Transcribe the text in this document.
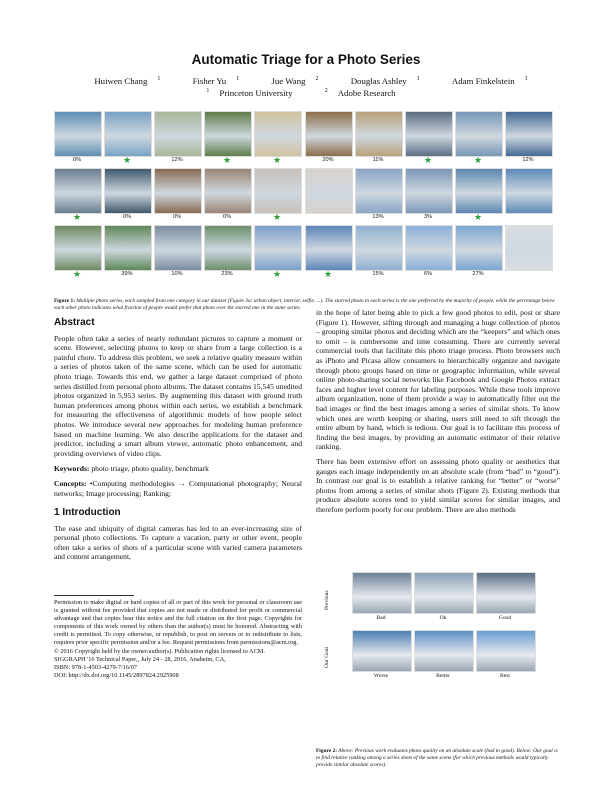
Automatic Triage for a Photo Series
Huiwen Chang $^1$	Fisher Yu $^1$	Jue Wang $^2$	Douglas Ashley $^1$	Adam Finkelstein $^1$
$^1$ Princeton University	$^2$ Adobe Research
0%	★	12%	★	★	20%	11%	★	★	12%
★	0%	0%	0%	★	13%	3%	★
★	39%	10%	23%	★	★	15%	6%	27%
Figure 1: Multiple photo series, each sampled from one category in our dataset (Figure 3a: urban object, interior, selfie, ...). The starred photo in each series is the one preferred by the majority of people, while the percentage below each other photo indicates what fraction of people would prefer that photo over the starred one in the same series.
Abstract

People often take a series of nearly redundant pictures to capture a moment or scene. However, selecting photos to keep or share from a large collection is a painful chore. To address this problem, we seek a relative quality measure within a series of photos taken of the same scene, which can be used for automatic photo triage. Towards this end, we gather a large dataset comprised of photo series distilled from personal photo albums. The dataset contains 15,545 unedited photos organized in 5,953 series. By augmenting this dataset with ground truth human preferences among photos within each series, we establish a benchmark for measuring the effectiveness of algorithmic models of how people select photos. We introduce several new approaches for modeling human preference based on machine learning. We also describe applications for the dataset and predictor, including a smart album viewer, automatic photo enhancement, and providing overviews of video clips.

Keywords: photo triage, photo quality, benchmark

Concepts: •Computing methodologies → Computational photography; Neural networks; Image processing; Ranking;

1 Introduction

The ease and ubiquity of digital cameras has led to an ever-increasing size of personal photo collections. To capture a vacation, party or other event, people often take a series of shots of a particular scene with varied camera parameters and content arrangement,

Permission to make digital or hard copies of all or part of this work for personal or classroom use is granted without fee provided that copies are not made or distributed for profit or commercial advantage and that copies bear this notice and the full citation on the first page. Copyrights for components of this work owned by others than the author(s) must be honored. Abstracting with credit is permitted. To copy otherwise, or republish, to post on servers or to redistribute to lists, requires prior specific permission and/or a fee. Request permissions from permissions@acm.org.
© 2016 Copyright held by the owner/author(s). Publication rights licensed to ACM.
SIGGRAPH '16 Technical Paper,, July 24 - 28, 2016, Anaheim, CA,
ISBN: 978-1-4503-4279-7/16/07
DOI: http://dx.doi.org/10.1145/2897824.2925908

in the hope of later being able to pick a few good photos to edit, post or share (Figure 1). However, sifting through and managing a huge collection of photos – grouping similar photos and deciding which are the “keepers” and which ones to omit – is cumbersome and time consuming. There are currently several commercial tools that facilitate this photo triage process. Photo browsers such as iPhoto and Picasa allow consumers to hierarchically organize and navigate through photo groups based on time or geographic information, while several online photo-sharing social networks like Facebook and Google Photos extract faces and higher level content for labeling purposes. While these tools improve album organization, none of them provide a way to automatically filter out the bad images or find the best images among a series of similar shots. To know which ones are worth keeping or sharing, users still need to sift through the entire album by hand, which is tedious. Our goal is to facilitate this process of finding the best images, by providing an automatic estimator of their relative ranking.

There has been extensive effort on assessing photo quality or aesthetics that gauges each image independently on an absolute scale (from “bad” to “good”). In contrast our goal is to establish a relative ranking for “better” or “worse” photos from among a series of similar shots (Figure 2). Existing methods that produce absolute scores tend to yield similar scores for similar images, and therefore perform poorly for our problem. There are also methods

Previous
Our Goal
Bad	Ok	Good
Worse	Better	Best
Figure 2: Above: Previous work evaluates photo quality on an absolute scale (bad to good). Below: Our goal is to find relative ranking among a series shots of the same scene (for which previous methods would typically provide similar absolute scores).
